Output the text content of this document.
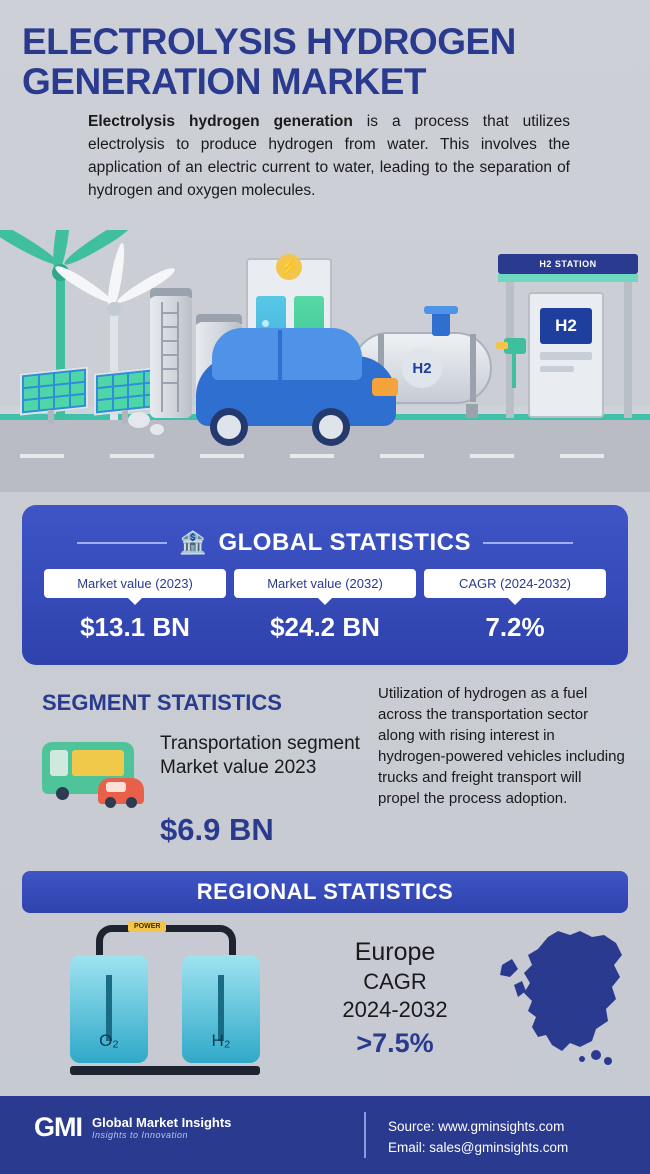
ELECTROLYSIS HYDROGEN GENERATION MARKET
Electrolysis hydrogen generation is a process that utilizes electrolysis to produce hydrogen from water. This involves the application of an electric current to water, leading to the separation of hydrogen and oxygen molecules.
⚡
H2
H2 STATION
H2
🏦 GLOBAL STATISTICS
Market value (2023)
$13.1 BN
Market value (2032)
$24.2 BN
CAGR (2024-2032)
7.2%
SEGMENT STATISTICS	Utilization of hydrogen as a fuel across the transportation sector along with rising interest in hydrogen-powered vehicles including trucks and freight transport will propel the process adoption.
Transportation segment
Market value 2023
$6.9 BN
REGIONAL STATISTICS
POWER
O₂	H₂
Europe
CAGR
2024-2032
>7.5%
GMI Global Market Insights
Insights to Innovation
Source: www.gminsights.com
Email: sales@gminsights.com
